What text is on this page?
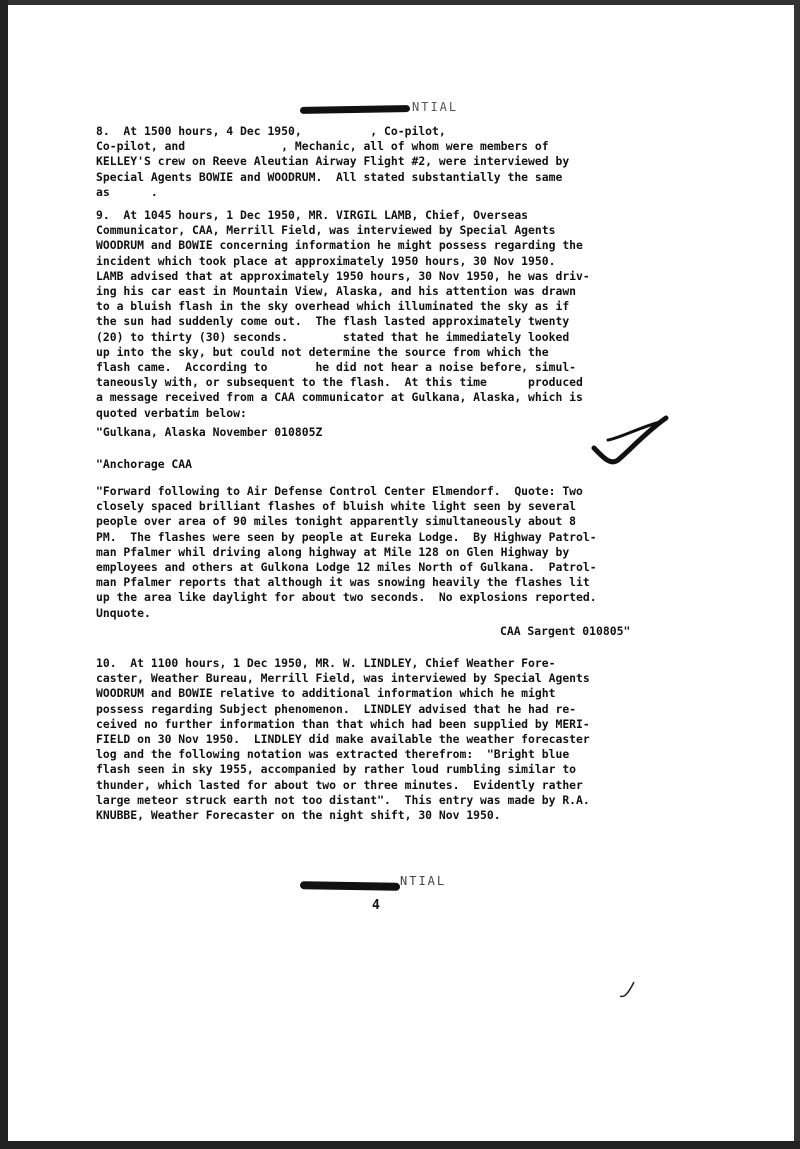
NTIAL
8.  At 1500 hours, 4 Dec 1950,          , Co-pilot,
Co-pilot, and              , Mechanic, all of whom were members of
KELLEY'S crew on Reeve Aleutian Airway Flight #2, were interviewed by
Special Agents BOWIE and WOODRUM.  All stated substantially the same
as      .
9.  At 1045 hours, 1 Dec 1950, MR. VIRGIL LAMB, Chief, Overseas
Communicator, CAA, Merrill Field, was interviewed by Special Agents
WOODRUM and BOWIE concerning information he might possess regarding the
incident which took place at approximately 1950 hours, 30 Nov 1950.
LAMB advised that at approximately 1950 hours, 30 Nov 1950, he was driv-
ing his car east in Mountain View, Alaska, and his attention was drawn
to a bluish flash in the sky overhead which illuminated the sky as if
the sun had suddenly come out.  The flash lasted approximately twenty
(20) to thirty (30) seconds.        stated that he immediately looked
up into the sky, but could not determine the source from which the
flash came.  According to       he did not hear a noise before, simul-
taneously with, or subsequent to the flash.  At this time      produced
a message received from a CAA communicator at Gulkana, Alaska, which is
quoted verbatim below:
"Gulkana, Alaska November 010805Z
"Anchorage CAA
"Forward following to Air Defense Control Center Elmendorf.  Quote: Two
closely spaced brilliant flashes of bluish white light seen by several
people over area of 90 miles tonight apparently simultaneously about 8
PM.  The flashes were seen by people at Eureka Lodge.  By Highway Patrol-
man Pfalmer whil driving along highway at Mile 128 on Glen Highway by
employees and others at Gulkona Lodge 12 miles North of Gulkana.  Patrol-
man Pfalmer reports that although it was snowing heavily the flashes lit
up the area like daylight for about two seconds.  No explosions reported.
Unquote.
CAA Sargent 010805"
10.  At 1100 hours, 1 Dec 1950, MR. W. LINDLEY, Chief Weather Fore-
caster, Weather Bureau, Merrill Field, was interviewed by Special Agents
WOODRUM and BOWIE relative to additional information which he might
possess regarding Subject phenomenon.  LINDLEY advised that he had re-
ceived no further information than that which had been supplied by MERI-
FIELD on 30 Nov 1950.  LINDLEY did make available the weather forecaster
log and the following notation was extracted therefrom:  "Bright blue
flash seen in sky 1955, accompanied by rather loud rumbling similar to
thunder, which lasted for about two or three minutes.  Evidently rather
large meteor struck earth not too distant".  This entry was made by R.A.
KNUBBE, Weather Forecaster on the night shift, 30 Nov 1950.
NTIAL
4
